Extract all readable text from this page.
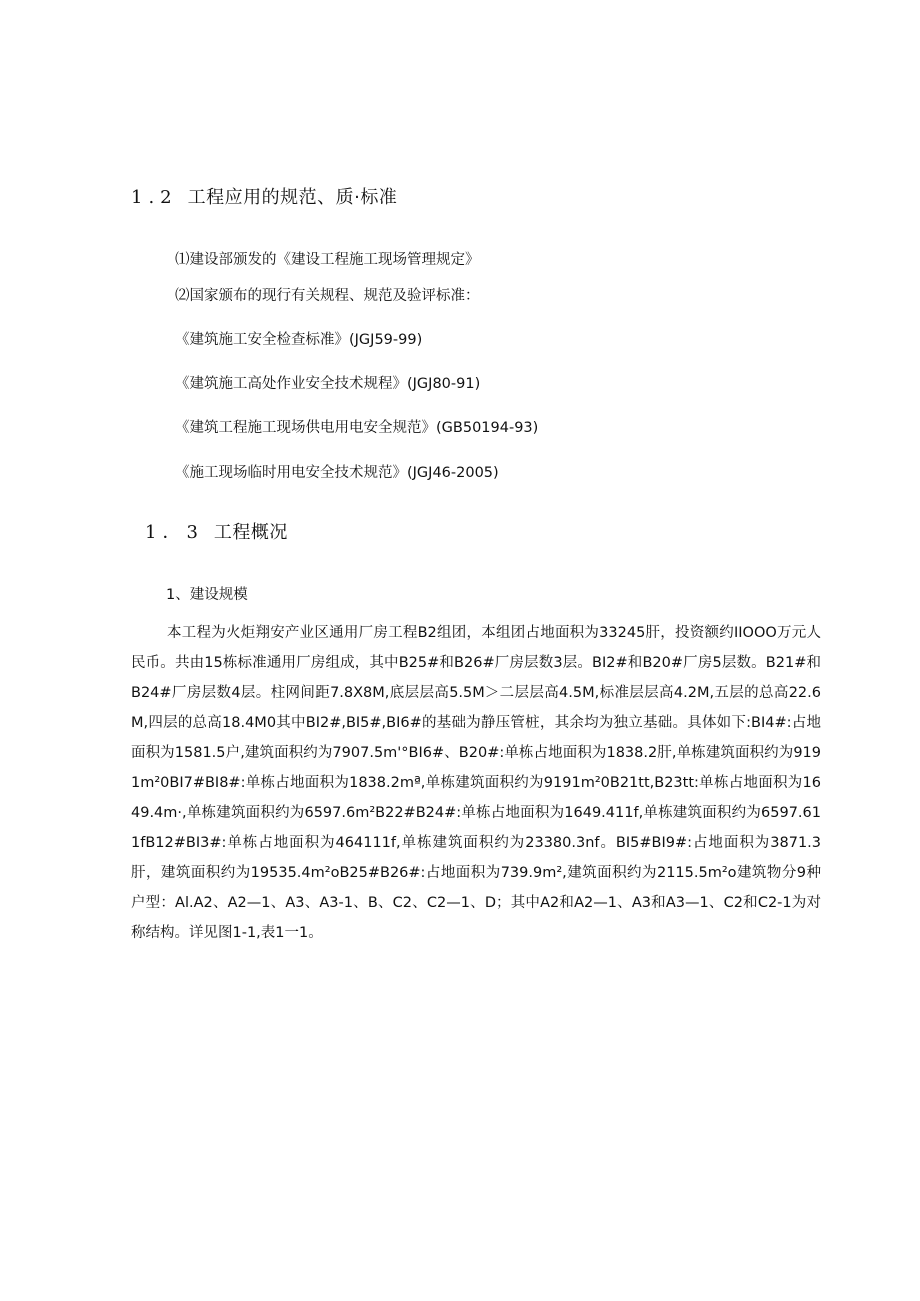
1.2 工程应用的规范、质·标准
⑴建设部颁发的《建设工程施工现场管理规定》
⑵国家颁布的现行有关规程、规范及验评标准：
《建筑施工安全检查标准》(JGJ59-99)
《建筑施工高处作业安全技术规程》(JGJ80-91)
《建筑工程施工现场供电用电安全规范》(GB50194-93)
《施工现场临时用电安全技术规范》(JGJ46-2005)
1．3 工程概况
1、建设规模

本工程为火炬翔安产业区通用厂房工程B2组团，本组团占地面积为33245肝，投资额约IIOOO万元人民币。共由15栋标准通用厂房组成，其中B25#和B26#厂房层数3层。BI2#和B20#厂房5层数。B21#和B24#厂房层数4层。柱网间距7.8X8M,底层层高5.5M＞二层层高4.5M,标准层层高4.2M,五层的总高22.6M,四层的总高18.4M0其中BI2#,BI5#,BI6#的基础为静压管桩，其余均为独立基础。具体如下:BI4#:占地面积为1581.5户,建筑面积约为7907.5m'°BI6#、B20#:单栋占地面积为1838.2肝,单栋建筑面积约为9191m²0BI7#BI8#:单栋占地面积为1838.2mª,单栋建筑面积约为9191m²0B21tt,B23tt:单栋占地面积为1649.4m·,单栋建筑面积约为6597.6m²B22#B24#:单栋占地面积为1649.411f,单栋建筑面积约为6597.611fB12#BI3#:单栋占地面积为464111f,单栋建筑面积约为23380.3nf。BI5#BI9#:占地面积为3871.3肝，建筑面积约为19535.4m²oB25#B26#:占地面积为739.9m²,建筑面积约为2115.5m²o建筑物分9种户型：Al.A2、A2—1、A3、A3-1、B、C2、C2—1、D；其中A2和A2—1、A3和A3—1、C2和C2-1为对称结构。详见图1-1,表1一1。
